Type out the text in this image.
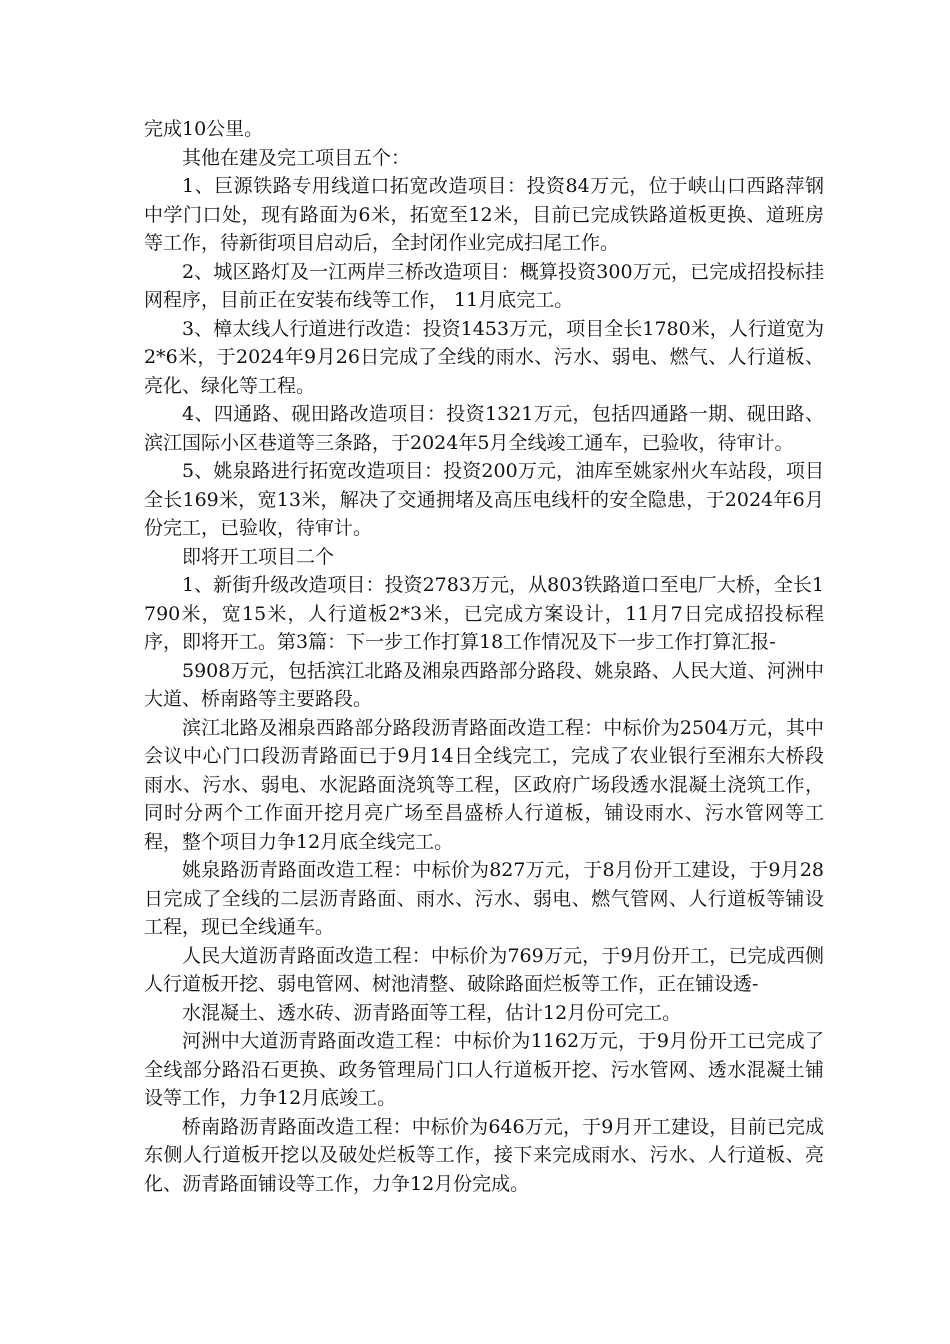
完成10公里。

其他在建及完工项目五个：

1、巨源铁路专用线道口拓宽改造项目：投资84万元，位于峡山口西路萍钢中学门口处，现有路面为6米，拓宽至12米，目前已完成铁路道板更换、道班房等工作，待新街项目启动后，全封闭作业完成扫尾工作。

2、城区路灯及一江两岸三桥改造项目：概算投资300万元，已完成招投标挂网程序，目前正在安装布线等工作， 11月底完工。

3、樟太线人行道进行改造：投资1453万元，项目全长1780米，人行道宽为2*6米，于2024年9月26日完成了全线的雨水、污水、弱电、燃气、人行道板、亮化、绿化等工程。

4、四通路、砚田路改造项目：投资1321万元，包括四通路一期、砚田路、滨江国际小区巷道等三条路，于2024年5月全线竣工通车，已验收，待审计。

5、姚泉路进行拓宽改造项目：投资200万元，油库至姚家州火车站段，项目全长169米，宽13米，解决了交通拥堵及高压电线杆的安全隐患，于2024年6月份完工，已验收，待审计。

即将开工项目二个

1、新街升级改造项目：投资2783万元，从803铁路道口至电厂大桥，全长1790米，宽15米，人行道板2*3米，已完成方案设计，11月7日完成招投标程序，即将开工。第3篇：下一步工作打算18工作情况及下一步工作打算汇报-

5908万元，包括滨江北路及湘泉西路部分路段、姚泉路、人民大道、河洲中大道、桥南路等主要路段。

滨江北路及湘泉西路部分路段沥青路面改造工程：中标价为2504万元，其中会议中心门口段沥青路面已于9月14日全线完工，完成了农业银行至湘东大桥段雨水、污水、弱电、水泥路面浇筑等工程，区政府广场段透水混凝土浇筑工作，同时分两个工作面开挖月亮广场至昌盛桥人行道板，铺设雨水、污水管网等工程，整个项目力争12月底全线完工。

姚泉路沥青路面改造工程：中标价为827万元，于8月份开工建设，于9月28日完成了全线的二层沥青路面、雨水、污水、弱电、燃气管网、人行道板等铺设工程，现已全线通车。

人民大道沥青路面改造工程：中标价为769万元，于9月份开工，已完成西侧人行道板开挖、弱电管网、树池清整、破除路面烂板等工作，正在铺设透-

水混凝土、透水砖、沥青路面等工程，估计12月份可完工。

河洲中大道沥青路面改造工程：中标价为1162万元，于9月份开工已完成了全线部分路沿石更换、政务管理局门口人行道板开挖、污水管网、透水混凝土铺设等工作，力争12月底竣工。

桥南路沥青路面改造工程：中标价为646万元，于9月开工建设，目前已完成东侧人行道板开挖以及破处烂板等工作，接下来完成雨水、污水、人行道板、亮化、沥青路面铺设等工作，力争12月份完成。
